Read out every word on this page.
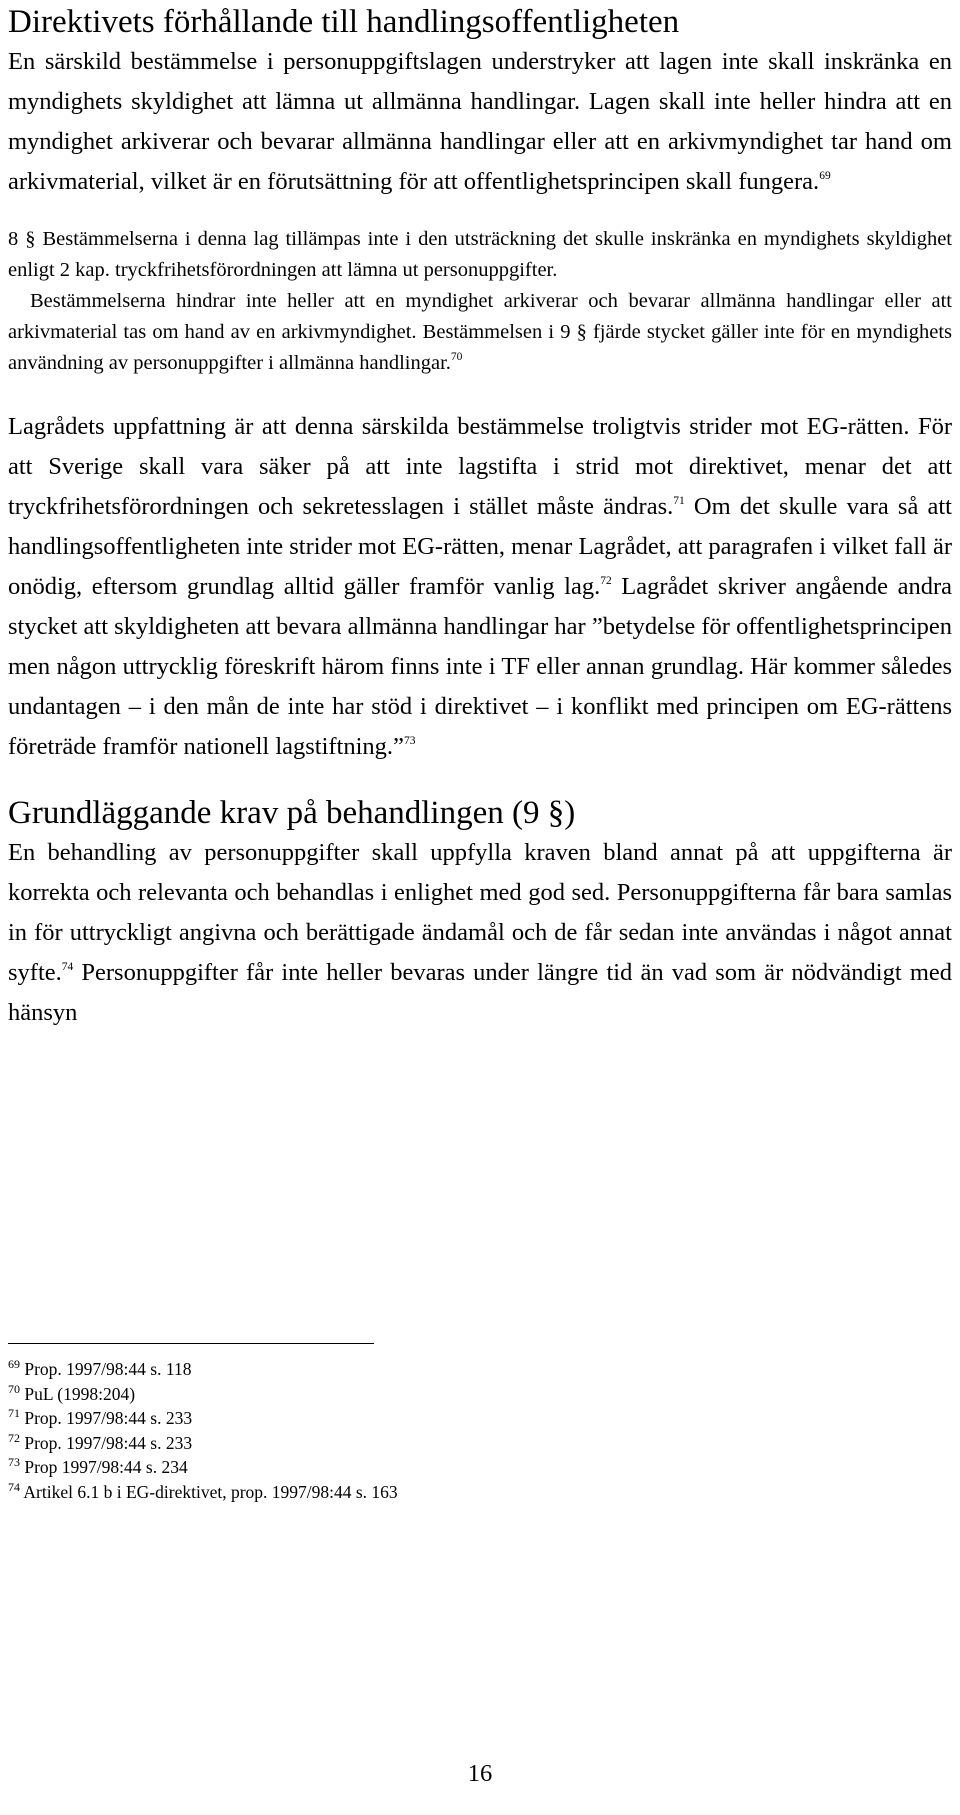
Direktivets förhållande till handlingsoffentligheten

En särskild bestämmelse i personuppgiftslagen understryker att lagen inte skall inskränka en myndighets skyldighet att lämna ut allmänna handlingar. Lagen skall inte heller hindra att en myndighet arkiverar och bevarar allmänna handlingar eller att en arkivmyndighet tar hand om arkivmaterial, vilket är en förutsättning för att offentlighetsprincipen skall fungera.$^{69}$

8 § Bestämmelserna i denna lag tillämpas inte i den utsträckning det skulle inskränka en myndighets skyldighet enligt 2 kap. tryckfrihetsförordningen att lämna ut personuppgifter.

Bestämmelserna hindrar inte heller att en myndighet arkiverar och bevarar allmänna handlingar eller att arkivmaterial tas om hand av en arkivmyndighet. Bestämmelsen i 9 § fjärde stycket gäller inte för en myndighets användning av personuppgifter i allmänna handlingar.$^{70}$

Lagrådets uppfattning är att denna särskilda bestämmelse troligtvis strider mot EG-rätten. För att Sverige skall vara säker på att inte lagstifta i strid mot direktivet, menar det att tryckfrihetsförordningen och sekretesslagen i stället måste ändras.$^{71}$ Om det skulle vara så att handlingsoffentligheten inte strider mot EG-rätten, menar Lagrådet, att paragrafen i vilket fall är onödig, eftersom grundlag alltid gäller framför vanlig lag.$^{72}$ Lagrådet skriver angående andra stycket att skyldigheten att bevara allmänna handlingar har ”betydelse för offentlighetsprincipen men någon uttrycklig föreskrift härom finns inte i TF eller annan grundlag. Här kommer således undantagen – i den mån de inte har stöd i direktivet – i konflikt med principen om EG-rättens företräde framför nationell lagstiftning.”$^{73}$

Grundläggande krav på behandlingen (9 §)

En behandling av personuppgifter skall uppfylla kraven bland annat på att uppgifterna är korrekta och relevanta och behandlas i enlighet med god sed. Personuppgifterna får bara samlas in för uttryckligt angivna och berättigade ändamål och de får sedan inte användas i något annat syfte.$^{74}$ Personuppgifter får inte heller bevaras under längre tid än vad som är nödvändigt med hänsyn

$^{69}$ Prop. 1997/98:44 s. 118
$^{70}$ PuL (1998:204)
$^{71}$ Prop. 1997/98:44 s. 233
$^{72}$ Prop. 1997/98:44 s. 233
$^{73}$ Prop 1997/98:44 s. 234
$^{74}$ Artikel 6.1 b i EG-direktivet, prop. 1997/98:44 s. 163
16
